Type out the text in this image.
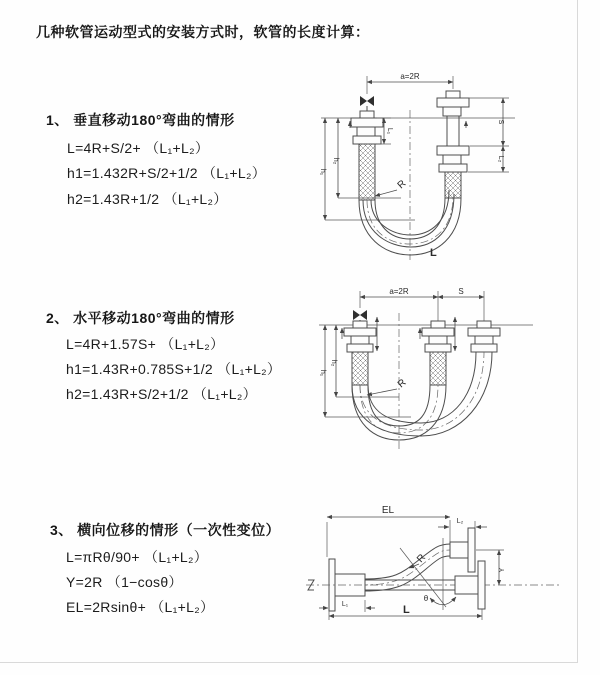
几种软管运动型式的安装方式时，软管的长度计算：
1、 垂直移动180°弯曲的情形
L=4R+S/2+ （L₁+L₂）
h1=1.432R+S/2+1/2 （L₁+L₂）
h2=1.43R+1/2 （L₁+L₂）
2、 水平移动180°弯曲的情形
L=4R+1.57S+ （L₁+L₂）
h1=1.43R+0.785S+1/2 （L₁+L₂）
h2=1.43R+S/2+1/2 （L₁+L₂）
3、 横向位移的情形（一次性变位）
L=πRθ/90+ （L₁+L₂）
Y=2R （1−cosθ）
EL=2Rsinθ+ （L₁+L₂）
a=2R
L₁
S
L₂
h₁
h₂
R
L
a=2R	S
h₁
h₂
R
EL
L₂
Y
θ
R
L₁	L
